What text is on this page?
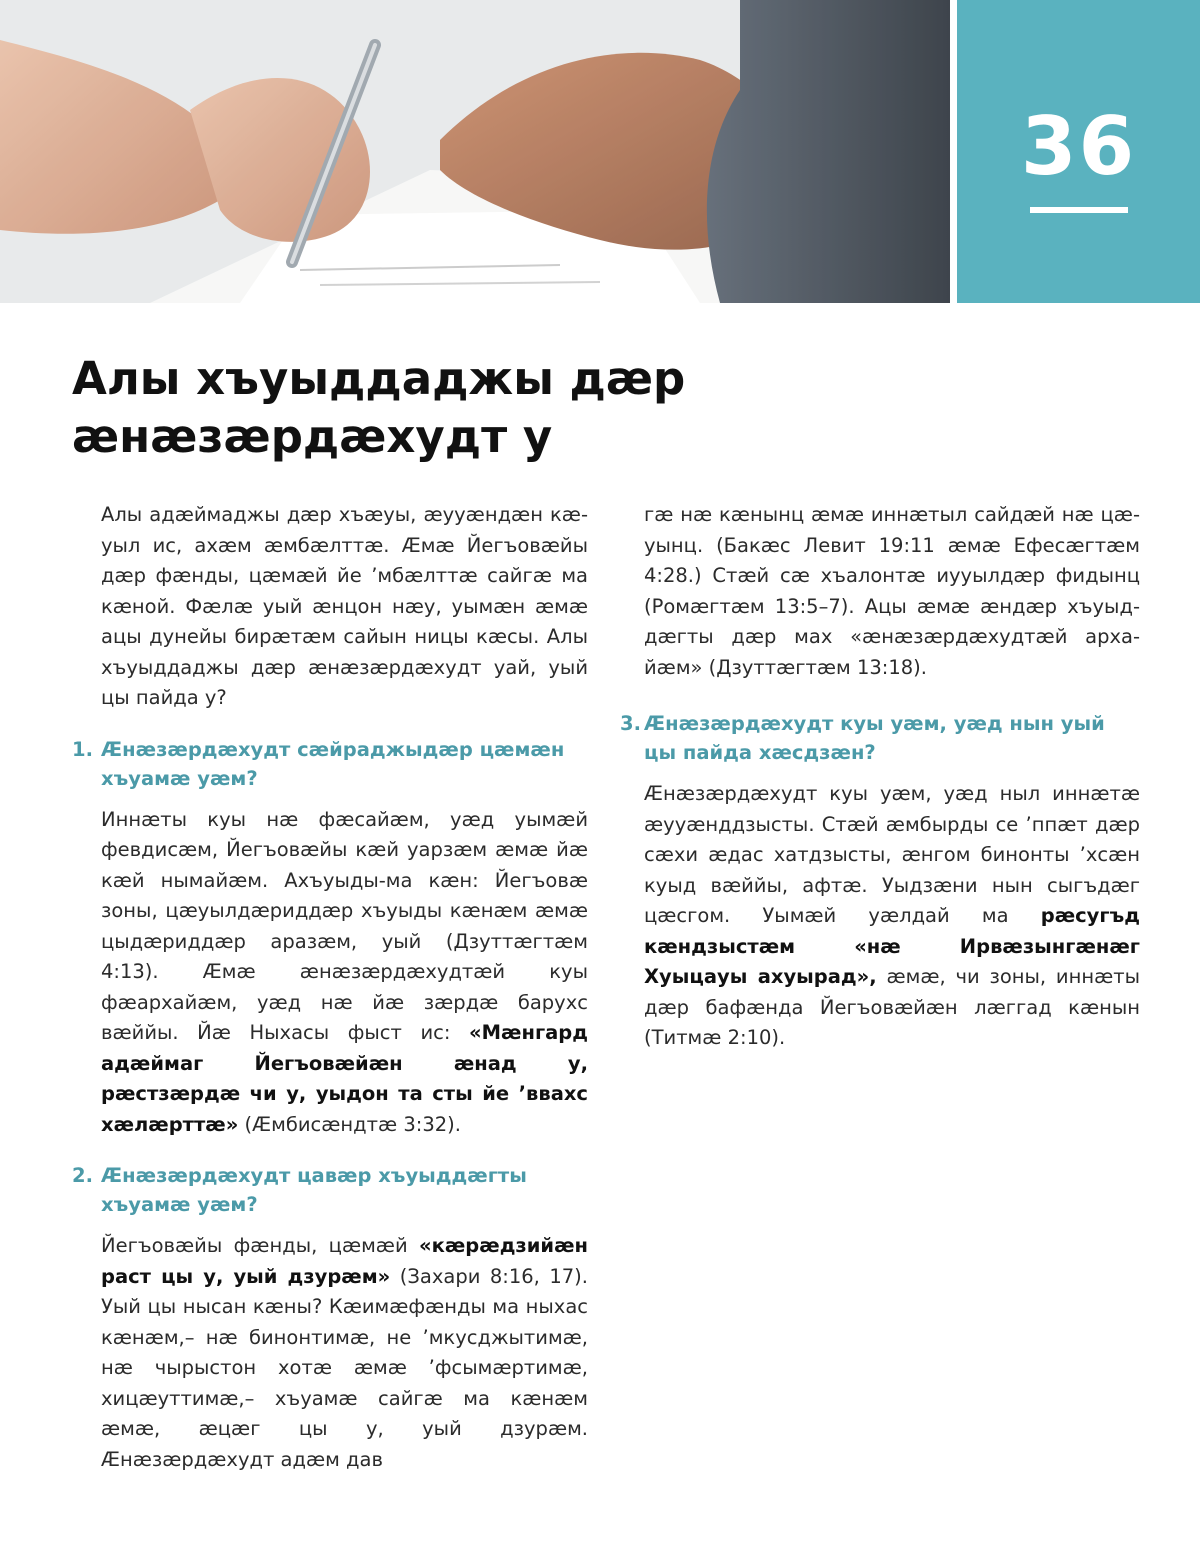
36
Алы хъуыддаджы дæр
æнæзæрдæхудт у

Алы адæймаджы дæр хъæуы, æууæндæн кæуыл ис, ахæм æмбæлттæ. Æмæ Йегъовæйы дæр фæнды, цæмæй йе ’мбæлттæ сайгæ ма кæной. Фæлæ уый æнцон нæу, уымæн æмæ ацы дунейы бирæтæм сайын ницы кæсы. Алы хъуыддаджы дæр æнæзæрдæхудт уай, уый цы пайда у?

1. Æнæзæрдæхудт сæйраджыдæр цæмæн хъуамæ уæм?

Иннæты куы нæ фæсайæм, уæд уымæй февдисæм, Йегъовæйы кæй уарзæм æмæ йæ кæй нымайæм. Ахъуыды-ма кæн: Йегъовæ зоны, цæуылдæриддæр хъуыды кæнæм æмæ цыдæриддæр аразæм, уый (Дзуттæгтæм 4:13). Æмæ æнæзæрдæхудтæй куы фæархайæм, уæд нæ йæ зæрдæ барухс вæййы. Йæ Ныхасы фыст ис: «Мæнгард адæймаг Йегъовæйæн æнад у, рæстзæрдæ чи у, уыдон та сты йе ’ввахс хæлæрттæ» (Æмбисæндтæ 3:32).

2. Æнæзæрдæхудт цавæр хъуыддæгты хъуамæ уæм?

Йегъовæйы фæнды, цæмæй «кæрæдзийæн раст цы у, уый дзурæм» (Захари 8:16, 17). Уый цы нысан кæны? Кæимæфæнды ма ныхас кæнæм,– нæ бинонтимæ, не ’мкусджытимæ, нæ чырыстон хотæ æмæ ’фсымæртимæ, хицæуттимæ,– хъуамæ сайгæ ма кæнæм æмæ, æцæг цы у, уый дзурæм. Æнæзæрдæхудт адæм дав

гæ нæ кæнынц æмæ иннæтыл сайдæй нæ цæуынц. (Бакæс Левит 19:11 æмæ Ефесæгтæм 4:28.) Стæй сæ хъалонтæ иууылдæр фидынц (Ромæгтæм 13:5–7). Ацы æмæ æндæр хъуыддæгты дæр мах «æнæзæрдæхудтæй архайæм» (Дзуттæгтæм 13:18).

3. Æнæзæрдæхудт куы уæм, уæд нын уый цы пайда хæсдзæн?

Æнæзæрдæхудт куы уæм, уæд ныл иннæтæ æууæнддзысты. Стæй æмбырды се ’ппæт дæр сæхи æдас хатдзысты, æнгом бинонты ’хсæн куыд вæййы, афтæ. Уыдзæни нын сыгъдæг цæсгом. Уымæй уæлдай ма рæсугъд кæндзыстæм «нæ Ирвæзынгæнæг Хуыцауы ахуырад», æмæ, чи зоны, иннæты дæр бафæнда Йегъовæйæн лæггад кæнын (Титмæ 2:10).
